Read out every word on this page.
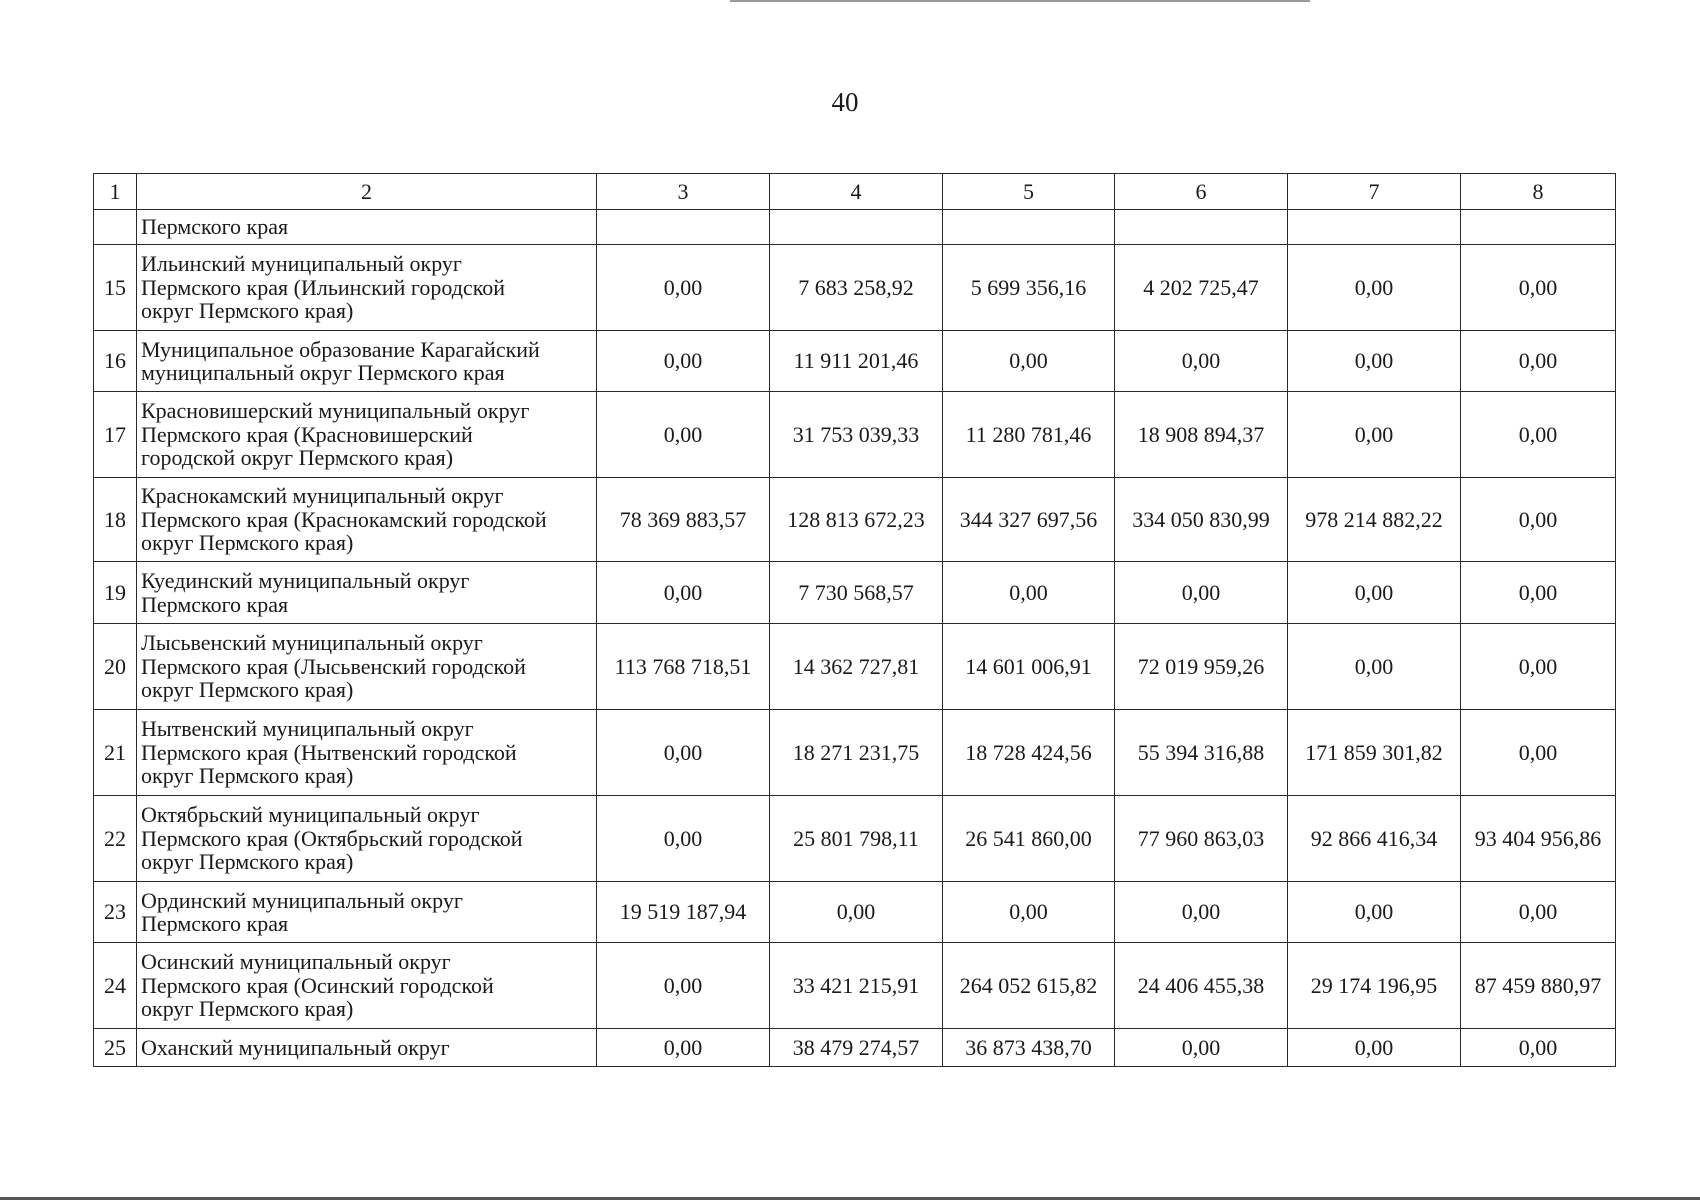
40
1	2	3	4	5	6	7	8

	Пермского края						

15	Ильинский муниципальный округ
Пермского края (Ильинский городской
округ Пермского края)	0,00	7 683 258,92	5 699 356,16	4 202 725,47	0,00	0,00
16	Муниципальное образование Карагайский
муниципальный округ Пермского края	0,00	11 911 201,46	0,00	0,00	0,00	0,00
17	Красновишерский муниципальный округ
Пермского края (Красновишерский
городской округ Пермского края)	0,00	31 753 039,33	11 280 781,46	18 908 894,37	0,00	0,00
18	Краснокамский муниципальный округ
Пермского края (Краснокамский городской
округ Пермского края)	78 369 883,57	128 813 672,23	344 327 697,56	334 050 830,99	978 214 882,22	0,00
19	Куединский муниципальный округ
Пермского края	0,00	7 730 568,57	0,00	0,00	0,00	0,00
20	Лысьвенский муниципальный округ
Пермского края (Лысьвенский городской
округ Пермского края)	113 768 718,51	14 362 727,81	14 601 006,91	72 019 959,26	0,00	0,00
21	Нытвенский муниципальный округ
Пермского края (Нытвенский городской
округ Пермского края)	0,00	18 271 231,75	18 728 424,56	55 394 316,88	171 859 301,82	0,00
22	Октябрьский муниципальный округ
Пермского края (Октябрьский городской
округ Пермского края)	0,00	25 801 798,11	26 541 860,00	77 960 863,03	92 866 416,34	93 404 956,86
23	Ординский муниципальный округ
Пермского края	19 519 187,94	0,00	0,00	0,00	0,00	0,00
24	Осинский муниципальный округ
Пермского края (Осинский городской
округ Пермского края)	0,00	33 421 215,91	264 052 615,82	24 406 455,38	29 174 196,95	87 459 880,97
25	Оханский муниципальный округ	0,00	38 479 274,57	36 873 438,70	0,00	0,00	0,00
